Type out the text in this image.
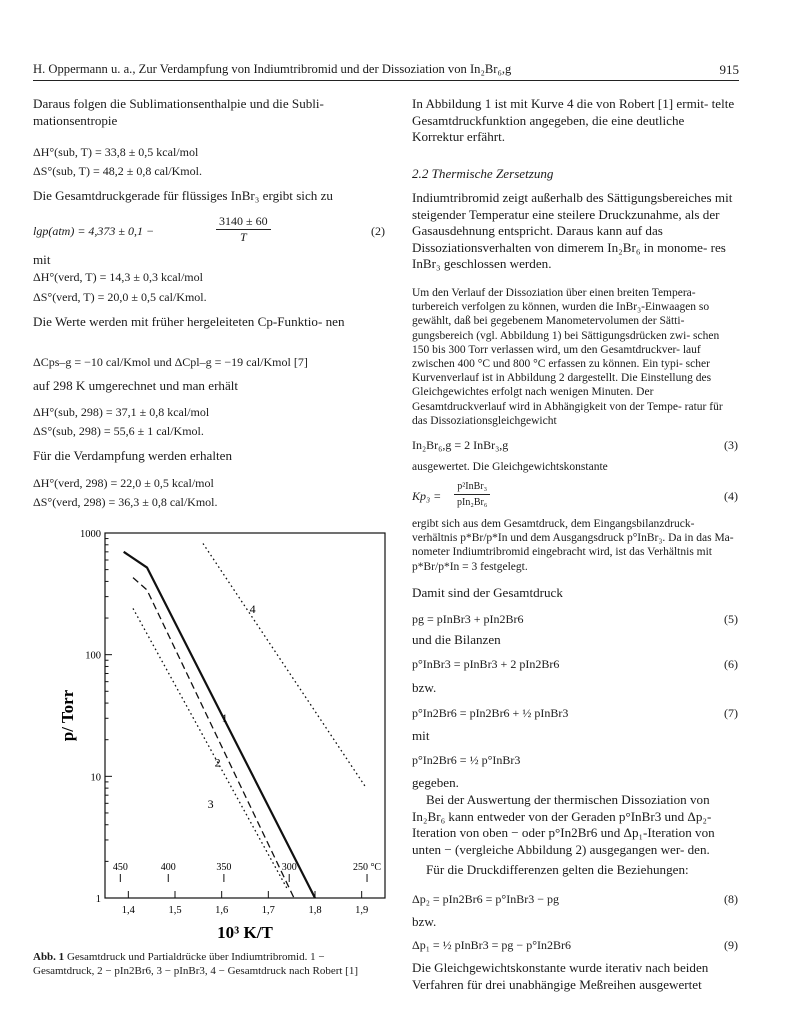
H. Oppermann u. a., Zur Verdampfung von Indiumtribromid und der Dissoziation von In₂Br₆,g	915
Daraus folgen die Sublimationsenthalpie und die Subli- mationsentropie
ΔH°(sub, T) = 33,8 ± 0,5 kcal/mol
ΔS°(sub, T) = 48,2 ± 0,8 cal/Kmol.
Die Gesamtdruckgerade für flüssiges InBr₃ ergibt sich zu
lgp(atm) = 4,373 ± 0,1 −	$\frac{3140 \pm 60}{T}$	(2)
mit
ΔH°(verd, T) = 14,3 ± 0,3 kcal/mol
ΔS°(verd, T) = 20,0 ± 0,5 cal/Kmol.
Die Werte werden mit früher hergeleiteten Cp-Funktio- nen
ΔCps–g = −10 cal/Kmol und ΔCpl–g = −19 cal/Kmol [7]
auf 298 K umgerechnet und man erhält
ΔH°(sub, 298) = 37,1 ± 0,8 kcal/mol
ΔS°(sub, 298) = 55,6 ± 1 cal/Kmol.
Für die Verdampfung werden erhalten
ΔH°(verd, 298) = 22,0 ± 0,5 kcal/mol
ΔS°(verd, 298) = 36,3 ± 0,8 cal/Kmol.
1000
100
10
1
1,4	1,5	1,6	1,7	1,8	1,9
450	400	350	300	250 °C
1
2
3
4
10³ K/T
p/ Torr
Abb. 1 Gesamtdruck und Partialdrücke über Indiumtribromid. 1 − Gesamtdruck, 2 − pIn2Br6, 3 − pInBr3, 4 − Gesamtdruck nach Robert [1]
In Abbildung 1 ist mit Kurve 4 die von Robert [1] ermit- telte Gesamtdruckfunktion angegeben, die eine deutliche Korrektur erfährt.
2.2 Thermische Zersetzung
Indiumtribromid zeigt außerhalb des Sättigungsbereiches mit steigender Temperatur eine steilere Druckzunahme, als der Gasausdehnung entspricht. Daraus kann auf das Dissoziationsverhalten von dimerem In₂Br₆ in monome- res InBr₃ geschlossen werden.
Um den Verlauf der Dissoziation über einen breiten Tempera- turbereich verfolgen zu können, wurden die InBr₃-Einwaagen so gewählt, daß bei gegebenem Manometervolumen der Sätti- gungsbereich (vgl. Abbildung 1) bei Sättigungsdrücken zwi- schen 150 bis 300 Torr verlassen wird, um den Gesamtdruckver- lauf zwischen 400 °C und 800 °C erfassen zu können. Ein typi- scher Kurvenverlauf ist in Abbildung 2 dargestellt. Die Einstellung des Gleichgewichtes erfolgt nach wenigen Minuten. Der Gesamtdruckverlauf wird in Abhängigkeit von der Tempe- ratur für das Dissoziationsgleichgewicht
In₂Br₆,g = 2 InBr₃,g	(3)
ausgewertet. Die Gleichgewichtskonstante
Kp₃ =
p²InBr₃
pIn₂Br₆	(4)
ergibt sich aus dem Gesamtdruck, dem Eingangsbilanzdruck- verhältnis p*Br/p*In und dem Ausgangsdruck p°InBr₃. Da in das Ma- nometer Indiumtribromid eingebracht wird, ist das Verhältnis mit p*Br/p*In = 3 festgelegt.
Damit sind der Gesamtdruck
pg = pInBr3 + pIn2Br6	(5)
und die Bilanzen
p°InBr3 = pInBr3 + 2 pIn2Br6	(6)
bzw.
p°In2Br6 = pIn2Br6 + ½ pInBr3	(7)
mit
p°In2Br6 = ½ p°InBr3
gegeben.
Bei der Auswertung der thermischen Dissoziation von In₂Br₆ kann entweder von der Geraden p°InBr3 und Δp₂-Iteration von oben − oder p°In2Br6 und Δp₁-Iteration von unten − (vergleiche Abbildung 2) ausgegangen wer- den.
Für die Druckdifferenzen gelten die Beziehungen:
Δp₂ = pIn2Br6 = p°InBr3 − pg	(8)
bzw.
Δp₁ = ½ pInBr3 = pg − p°In2Br6	(9)
Die Gleichgewichtskonstante wurde iterativ nach beiden Verfahren für drei unabhängige Meßreihen ausgewertet
